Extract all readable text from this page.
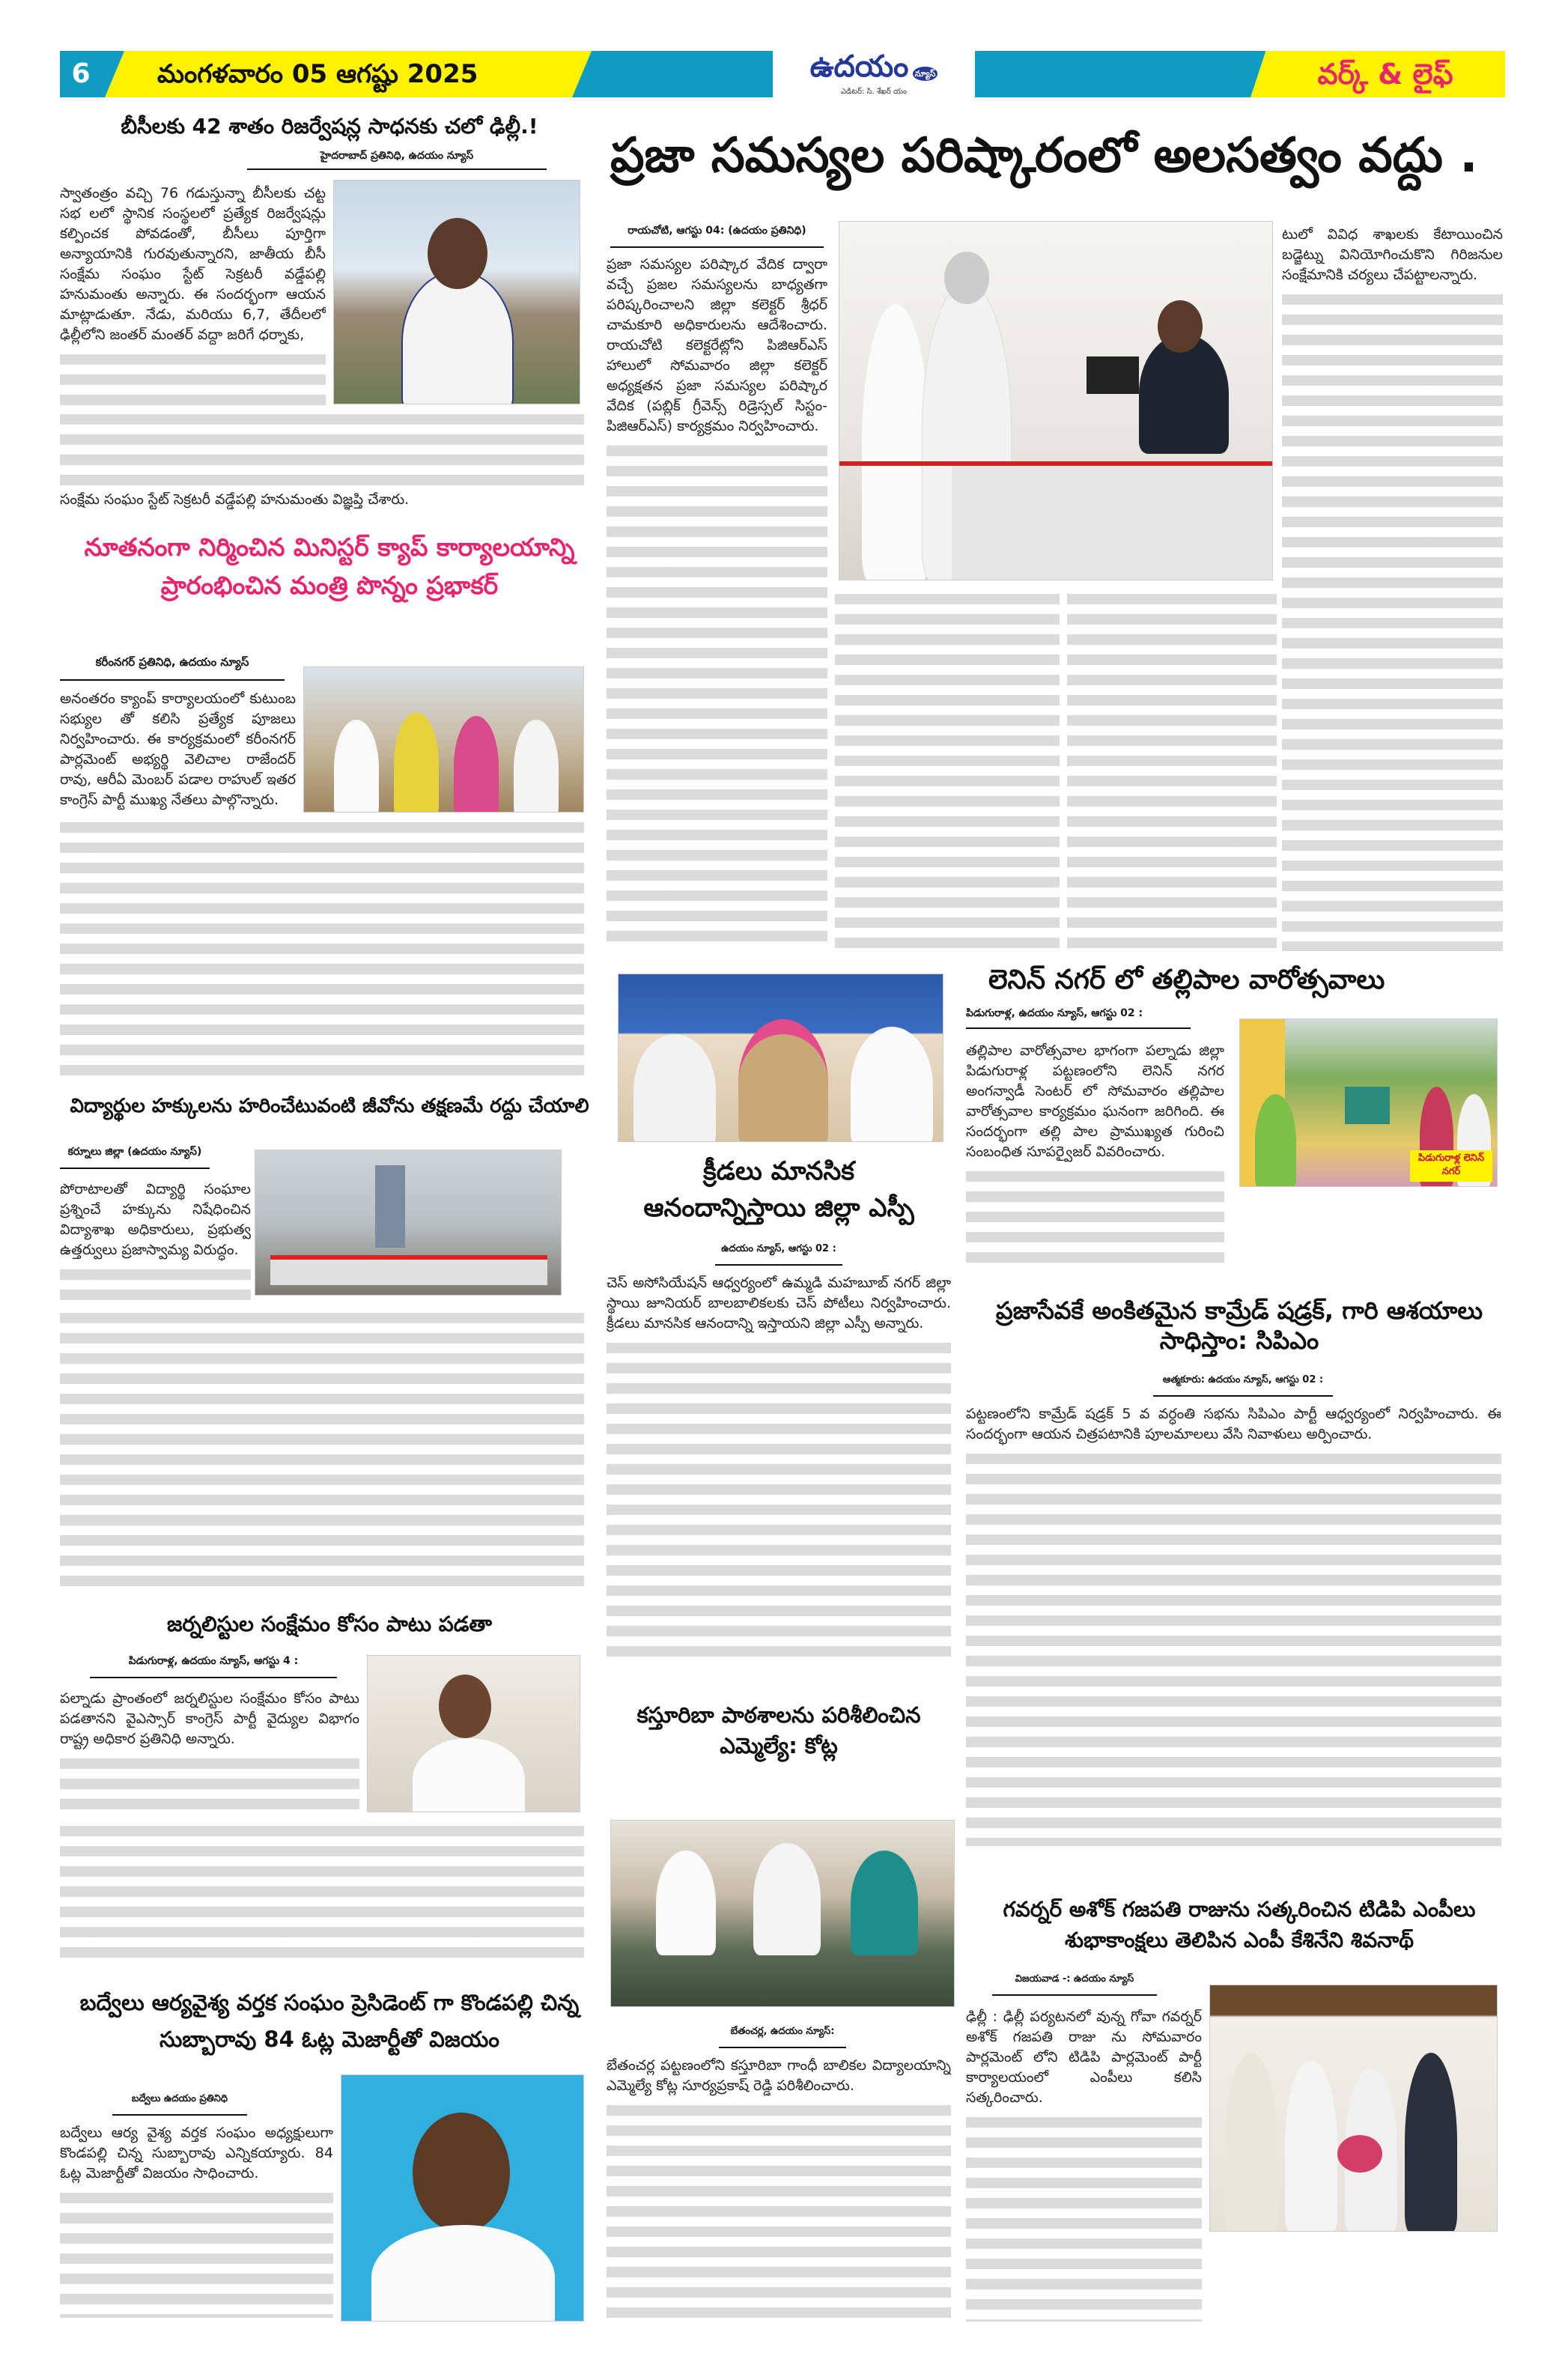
6	మంగళవారం 05 ఆగష్టు 2025	ఉదయం న్యూస్
ఎడిటర్: సి. శేఖర్ యం
వర్క్ & లైఫ్
బీసీలకు 42 శాతం రిజర్వేషన్ల సాధనకు చలో ఢిల్లీ.!
హైదరాబాద్ ప్రతినిధి, ఉదయం న్యూస్

స్వాతంత్రం వచ్చి 76 గడుస్తున్నా బీసీలకు చట్ట సభ లలో స్థానిక సంస్థలలో ప్రత్యేక రిజర్వేషన్లు కల్పించక పోవడంతో, బీసీలు పూర్తిగా అన్యాయానికి గురవుతున్నారని, జాతీయ బీసీ సంక్షేమ సంఘం స్టేట్ సెక్రటరీ వడ్డేపల్లి హనుమంతు అన్నారు. ఈ సందర్భంగా ఆయన మాట్లాడుతూ. నేడు, మరియు 6,7, తేదీలలో ఢిల్లీలోని జంతర్ మంతర్ వద్దా జరిగే ధర్నాకు,

సంక్షేమ సంఘం స్టేట్ సెక్రటరీ వడ్డేపల్లి హనుమంతు విజ్ఞప్తి చేశారు.

నూతనంగా నిర్మించిన మినిస్టర్ క్యాప్ కార్యాలయాన్ని ప్రారంభించిన మంత్రి పొన్నం ప్రభాకర్
కరీంనగర్ ప్రతినిధి, ఉదయం న్యూస్

అనంతరం క్యాంప్ కార్యాలయంలో కుటుంబ సభ్యుల తో కలిసి ప్రత్యేక పూజలు నిర్వహించారు. ఈ కార్యక్రమంలో కరీంనగర్ పార్లమెంట్ అభ్యర్థి వెలిచాల రాజేందర్ రావు, ఆరీఏ మెంబర్ పడాల రాహుల్ ఇతర కాంగ్రెస్ పార్టీ ముఖ్య నేతలు పాల్గొన్నారు.

విద్యార్థుల హక్కులను హరించేటువంటి జీవోను తక్షణమే రద్దు చేయాలి
కర్నూలు జిల్లా (ఉదయం న్యూస్)

పోరాటాలతో విద్యార్థి సంఘాల ప్రశ్నించే హక్కును నిషేధించిన విద్యాశాఖ అధికారులు, ప్రభుత్వ ఉత్తర్వులు ప్రజాస్వామ్య విరుద్ధం.

జర్నలిస్టుల సంక్షేమం కోసం పాటు పడతా
పిడుగురాళ్ల, ఉదయం న్యూస్, ఆగస్టు 4 :

పల్నాడు ప్రాంతంలో జర్నలిస్టుల సంక్షేమం కోసం పాటు పడతానని వైఎస్సార్ కాంగ్రెస్ పార్టీ వైద్యుల విభాగం రాష్ట్ర అధికార ప్రతినిధి అన్నారు.

బద్వేలు ఆర్యవైశ్య వర్తక సంఘం ప్రెసిడెంట్ గా కొండపల్లి చిన్న సుబ్బారావు 84 ఓట్ల మెజార్టీతో విజయం
బద్వేలు ఉదయం ప్రతినిధి

బద్వేలు ఆర్య వైశ్య వర్తక సంఘం అధ్యక్షులుగా కొండపల్లి చిన్న సుబ్బారావు ఎన్నికయ్యారు. 84 ఓట్ల మెజార్టీతో విజయం సాధించారు.

ప్రజా సమస్యల పరిష్కారంలో అలసత్వం వద్దు .
రాయచోటి, ఆగస్టు 04: (ఉదయం ప్రతినిధి)

ప్రజా సమస్యల పరిష్కార వేదిక ద్వారా వచ్చే ప్రజల సమస్యలను బాధ్యతగా పరిష్కరించాలని జిల్లా కలెక్టర్ శ్రీధర్ చామకూరి అధికారులను ఆదేశించారు. రాయచోటి కలెక్టరేట్లోని పిజిఆర్ఎస్ హాలులో సోమవారం జిల్లా కలెక్టర్ అధ్యక్షతన ప్రజా సమస్యల పరిష్కార వేదిక (పబ్లిక్ గ్రీవెన్స్ రిడ్రెస్సల్ సిస్టం- పిజిఆర్ఎస్) కార్యక్రమం నిర్వహించారు.

టులో వివిధ శాఖలకు కేటాయించిన బడ్జెట్ను వినియోగించుకొని గిరిజనుల సంక్షేమానికి చర్యలు చేపట్టాలన్నారు.

క్రీడలు మానసిక ఆనందాన్నిస్తాయి జిల్లా ఎస్పీ
ఉదయం న్యూస్, ఆగస్టు 02 :

చెస్ అసోసియేషన్ ఆధ్వర్యంలో ఉమ్మడి మహబూబ్ నగర్ జిల్లా స్థాయి జూనియర్ బాలబాలికలకు చెస్ పోటీలు నిర్వహించారు. క్రీడలు మానసిక ఆనందాన్ని ఇస్తాయని జిల్లా ఎస్పీ అన్నారు.

కస్తూరిబా పాఠశాలను పరిశీలించిన ఎమ్మెల్యే: కోట్ల
బేతంచర్ల, ఉదయం న్యూస్:

బేతంచర్ల పట్టణంలోని కస్తూరిబా గాంధీ బాలికల విద్యాలయాన్ని ఎమ్మెల్యే కోట్ల సూర్యప్రకాష్ రెడ్డి పరిశీలించారు.

లెనిన్ నగర్ లో తల్లిపాల వారోత్సవాలు
పిడుగురాళ్ల, ఉదయం న్యూస్, ఆగస్టు 02 :

తల్లిపాల వారోత్సవాల భాగంగా పల్నాడు జిల్లా పిడుగురాళ్ల పట్టణంలోని లెనిన్ నగర అంగన్వాడీ సెంటర్ లో సోమవారం తల్లిపాల వారోత్సవాల కార్యక్రమం ఘనంగా జరిగింది. ఈ సందర్భంగా తల్లి పాల ప్రాముఖ్యత గురించి సంబంధిత సూపర్వైజర్ వివరించారు.	పిడుగురాళ్ల లెనిన్ నగర్
ప్రజాసేవకే అంకితమైన కామ్రేడ్ షడ్రక్, గారి ఆశయాలు సాధిస్తాం: సిపిఎం
ఆత్మకూరు: ఉదయం న్యూస్, ఆగస్టు 02 :

పట్టణంలోని కామ్రేడ్ షడ్రక్ 5 వ వర్ధంతి సభను సిపిఎం పార్టీ ఆధ్వర్యంలో నిర్వహించారు. ఈ సందర్భంగా ఆయన చిత్రపటానికి పూలమాలలు వేసి నివాళులు అర్పించారు.

గవర్నర్ అశోక్ గజపతి రాజును సత్కరించిన టిడిపి ఎంపీలు శుభాకాంక్షలు తెలిపిన ఎంపీ కేశినేని శివనాథ్
విజయవాడ -: ఉదయం న్యూస్

ఢిల్లీ : ఢిల్లీ పర్యటనలో వున్న గోవా గవర్నర్ అశోక్ గజపతి రాజు ను సోమవారం పార్లమెంట్ లోని టిడిపి పార్లమెంట్ పార్టీ కార్యాలయంలో ఎంపీలు కలిసి సత్కరించారు.
